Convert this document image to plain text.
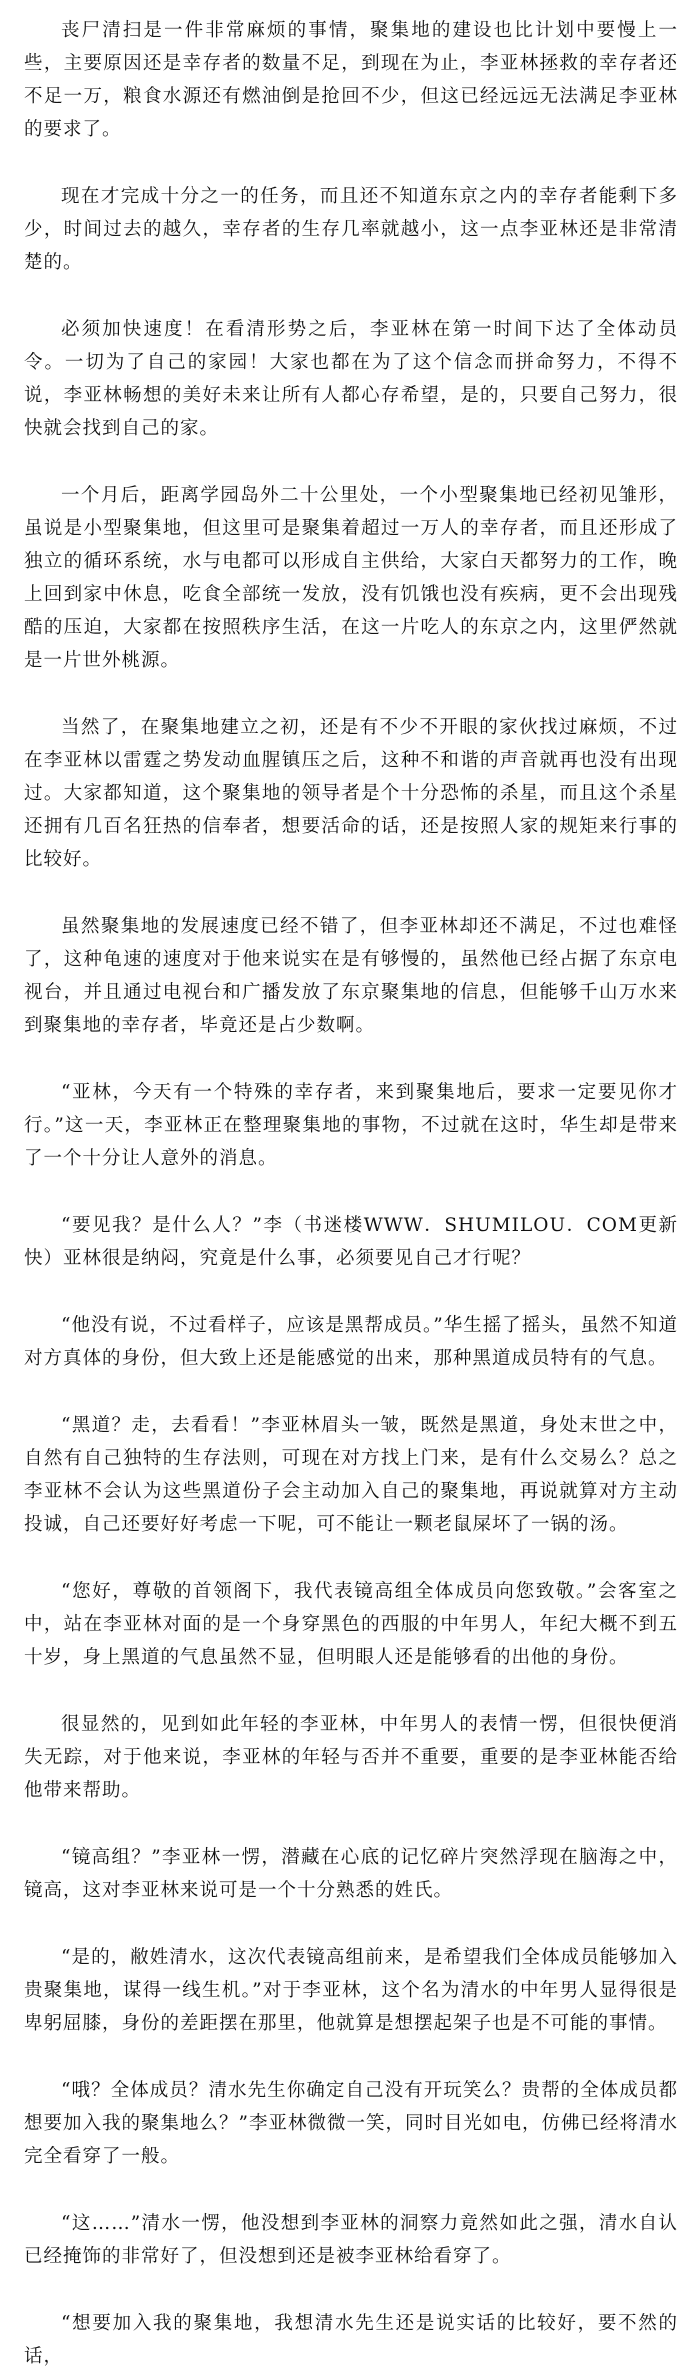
丧尸清扫是一件非常麻烦的事情，聚集地的建设也比计划中要慢上一些，主要原因还是幸存者的数量不足，到现在为止，李亚林拯救的幸存者还不足一万，粮食水源还有燃油倒是抢回不少，但这已经远远无法满足李亚林的要求了。

现在才完成十分之一的任务，而且还不知道东京之内的幸存者能剩下多少，时间过去的越久，幸存者的生存几率就越小，这一点李亚林还是非常清楚的。

必须加快速度！在看清形势之后，李亚林在第一时间下达了全体动员令。一切为了自己的家园！大家也都在为了这个信念而拼命努力，不得不说，李亚林畅想的美好未来让所有人都心存希望，是的，只要自己努力，很快就会找到自己的家。

一个月后，距离学园岛外二十公里处，一个小型聚集地已经初见雏形，虽说是小型聚集地，但这里可是聚集着超过一万人的幸存者，而且还形成了独立的循环系统，水与电都可以形成自主供给，大家白天都努力的工作，晚上回到家中休息，吃食全部统一发放，没有饥饿也没有疾病，更不会出现残酷的压迫，大家都在按照秩序生活，在这一片吃人的东京之内，这里俨然就是一片世外桃源。

当然了，在聚集地建立之初，还是有不少不开眼的家伙找过麻烦，不过在李亚林以雷霆之势发动血腥镇压之后，这种不和谐的声音就再也没有出现过。大家都知道，这个聚集地的领导者是个十分恐怖的杀星，而且这个杀星还拥有几百名狂热的信奉者，想要活命的话，还是按照人家的规矩来行事的比较好。

虽然聚集地的发展速度已经不错了，但李亚林却还不满足，不过也难怪了，这种龟速的速度对于他来说实在是有够慢的，虽然他已经占据了东京电视台，并且通过电视台和广播发放了东京聚集地的信息，但能够千山万水来到聚集地的幸存者，毕竟还是占少数啊。

“亚林，今天有一个特殊的幸存者，来到聚集地后，要求一定要见你才行。”这一天，李亚林正在整理聚集地的事物，不过就在这时，华生却是带来了一个十分让人意外的消息。

“要见我？是什么人？”李（书迷楼WWW．SHUMILOU．COM更新快）亚林很是纳闷，究竟是什么事，必须要见自己才行呢？

“他没有说，不过看样子，应该是黑帮成员。”华生摇了摇头，虽然不知道对方真体的身份，但大致上还是能感觉的出来，那种黑道成员特有的气息。

“黑道？走，去看看！”李亚林眉头一皱，既然是黑道，身处末世之中，自然有自己独特的生存法则，可现在对方找上门来，是有什么交易么？总之李亚林不会认为这些黑道份子会主动加入自己的聚集地，再说就算对方主动投诚，自己还要好好考虑一下呢，可不能让一颗老鼠屎坏了一锅的汤。

“您好，尊敬的首领阁下，我代表镜高组全体成员向您致敬。”会客室之中，站在李亚林对面的是一个身穿黑色的西服的中年男人，年纪大概不到五十岁，身上黑道的气息虽然不显，但明眼人还是能够看的出他的身份。

很显然的，见到如此年轻的李亚林，中年男人的表情一愣，但很快便消失无踪，对于他来说，李亚林的年轻与否并不重要，重要的是李亚林能否给他带来帮助。

“镜高组？”李亚林一愣，潜藏在心底的记忆碎片突然浮现在脑海之中，镜高，这对李亚林来说可是一个十分熟悉的姓氏。

“是的，敝姓清水，这次代表镜高组前来，是希望我们全体成员能够加入贵聚集地，谋得一线生机。”对于李亚林，这个名为清水的中年男人显得很是卑躬屈膝，身份的差距摆在那里，他就算是想摆起架子也是不可能的事情。

“哦？全体成员？清水先生你确定自己没有开玩笑么？贵帮的全体成员都想要加入我的聚集地么？”李亚林微微一笑，同时目光如电，仿佛已经将清水完全看穿了一般。

“这……”清水一愣，他没想到李亚林的洞察力竟然如此之强，清水自认已经掩饰的非常好了，但没想到还是被李亚林给看穿了。

“想要加入我的聚集地，我想清水先生还是说实话的比较好，要不然的话，
